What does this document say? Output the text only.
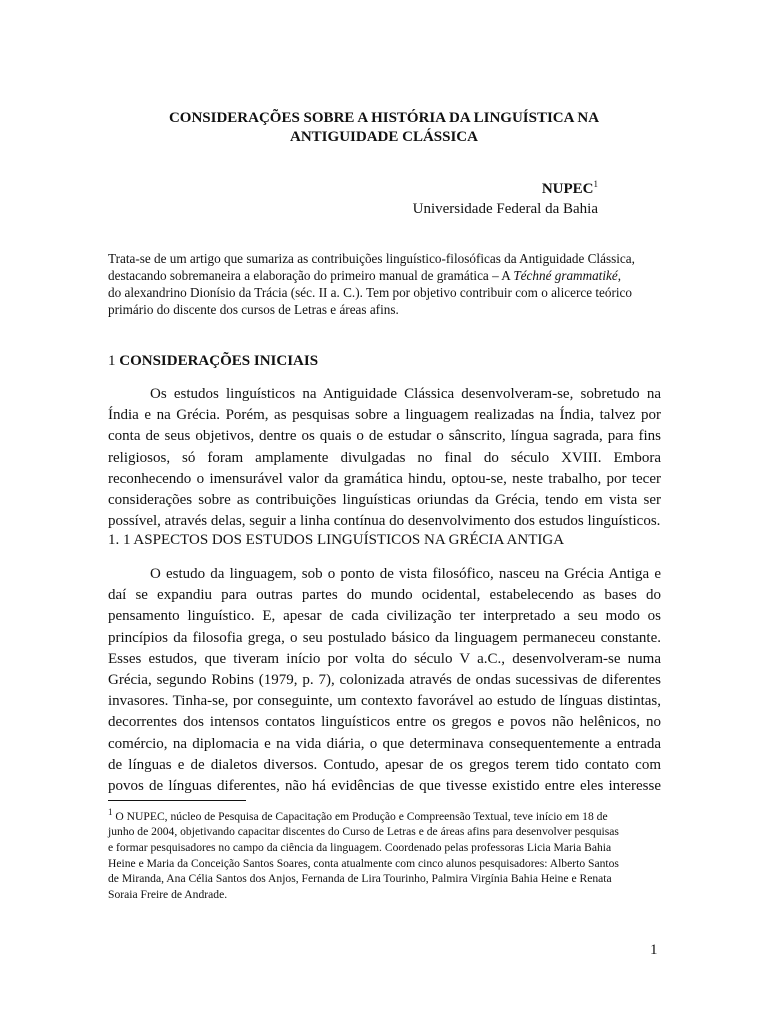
CONSIDERAÇÕES SOBRE A HISTÓRIA DA LINGUÍSTICA NA
ANTIGUIDADE CLÁSSICA
NUPEC$^1$
Universidade Federal da Bahia
Trata-se de um artigo que sumariza as contribuições linguístico-filosóficas da Antiguidade Clássica,
destacando sobremaneira a elaboração do primeiro manual de gramática – A Téchné grammatiké,
do alexandrino Dionísio da Trácia (séc. II a. C.). Tem por objetivo contribuir com o alicerce teórico
primário do discente dos cursos de Letras e áreas afins.
1 CONSIDERAÇÕES INICIAIS
Os estudos linguísticos na Antiguidade Clássica desenvolveram-se, sobretudo na
Índia e na Grécia. Porém, as pesquisas sobre a linguagem realizadas na Índia, talvez por
conta de seus objetivos, dentre os quais o de estudar o sânscrito, língua sagrada, para fins
religiosos, só foram amplamente divulgadas no final do século XVIII. Embora
reconhecendo o imensurável valor da gramática hindu, optou-se, neste trabalho, por tecer
considerações sobre as contribuições linguísticas oriundas da Grécia, tendo em vista ser
possível, através delas, seguir a linha contínua do desenvolvimento dos estudos linguísticos.
1. 1 ASPECTOS DOS ESTUDOS LINGUÍSTICOS NA GRÉCIA ANTIGA
O estudo da linguagem, sob o ponto de vista filosófico, nasceu na Grécia Antiga e
daí se expandiu para outras partes do mundo ocidental, estabelecendo as bases do
pensamento linguístico. E, apesar de cada civilização ter interpretado a seu modo os
princípios da filosofia grega, o seu postulado básico da linguagem permaneceu constante.
Esses estudos, que tiveram início por volta do século V a.C., desenvolveram-se numa
Grécia, segundo Robins (1979, p. 7), colonizada através de ondas sucessivas de diferentes
invasores. Tinha-se, por conseguinte, um contexto favorável ao estudo de línguas distintas,
decorrentes dos intensos contatos linguísticos entre os gregos e povos não helênicos, no
comércio, na diplomacia e na vida diária, o que determinava consequentemente a entrada
de línguas e de dialetos diversos. Contudo, apesar de os gregos terem tido contato com
povos de línguas diferentes, não há evidências de que tivesse existido entre eles interesse
$^1$ O NUPEC, núcleo de Pesquisa de Capacitação em Produção e Compreensão Textual, teve início em 18 de
junho de 2004, objetivando capacitar discentes do Curso de Letras e de áreas afins para desenvolver pesquisas
e formar pesquisadores no campo da ciência da linguagem. Coordenado pelas professoras Licia Maria Bahia
Heine e Maria da Conceição Santos Soares, conta atualmente com cinco alunos pesquisadores: Alberto Santos
de Miranda, Ana Célia Santos dos Anjos, Fernanda de Lira Tourinho, Palmira Virgínia Bahia Heine e Renata
Soraia Freire de Andrade.
1
